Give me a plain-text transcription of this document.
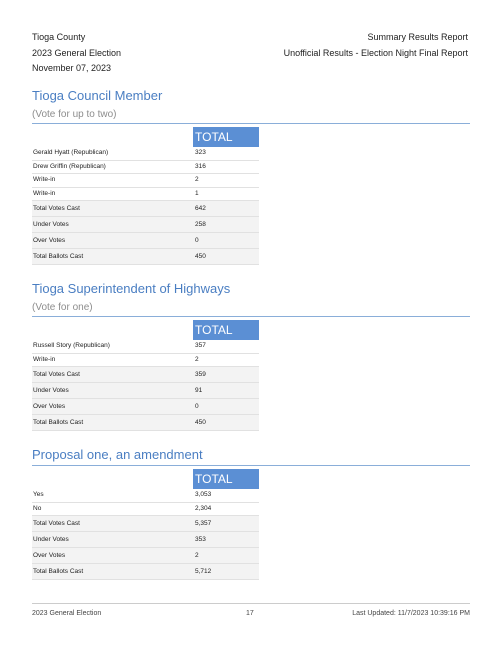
Tioga County	Summary Results Report
2023 General Election	Unofficial Results - Election Night Final Report
November 07, 2023
Tioga Council Member
(Vote for up to two)
TOTAL
Gerald Hyatt (Republican)	323
Drew Griffin (Republican)	316
Write-in	2
Write-in	1
Total Votes Cast	642
Under Votes	258
Over Votes	0
Total Ballots Cast	450
Tioga Superintendent of Highways
(Vote for one)
TOTAL
Russell Story (Republican)	357
Write-in	2
Total Votes Cast	359
Under Votes	91
Over Votes	0
Total Ballots Cast	450
Proposal one, an amendment
TOTAL
Yes	3,053
No	2,304
Total Votes Cast	5,357
Under Votes	353
Over Votes	2
Total Ballots Cast	5,712
2023 General Election	17	Last Updated: 11/7/2023 10:39:16 PM
